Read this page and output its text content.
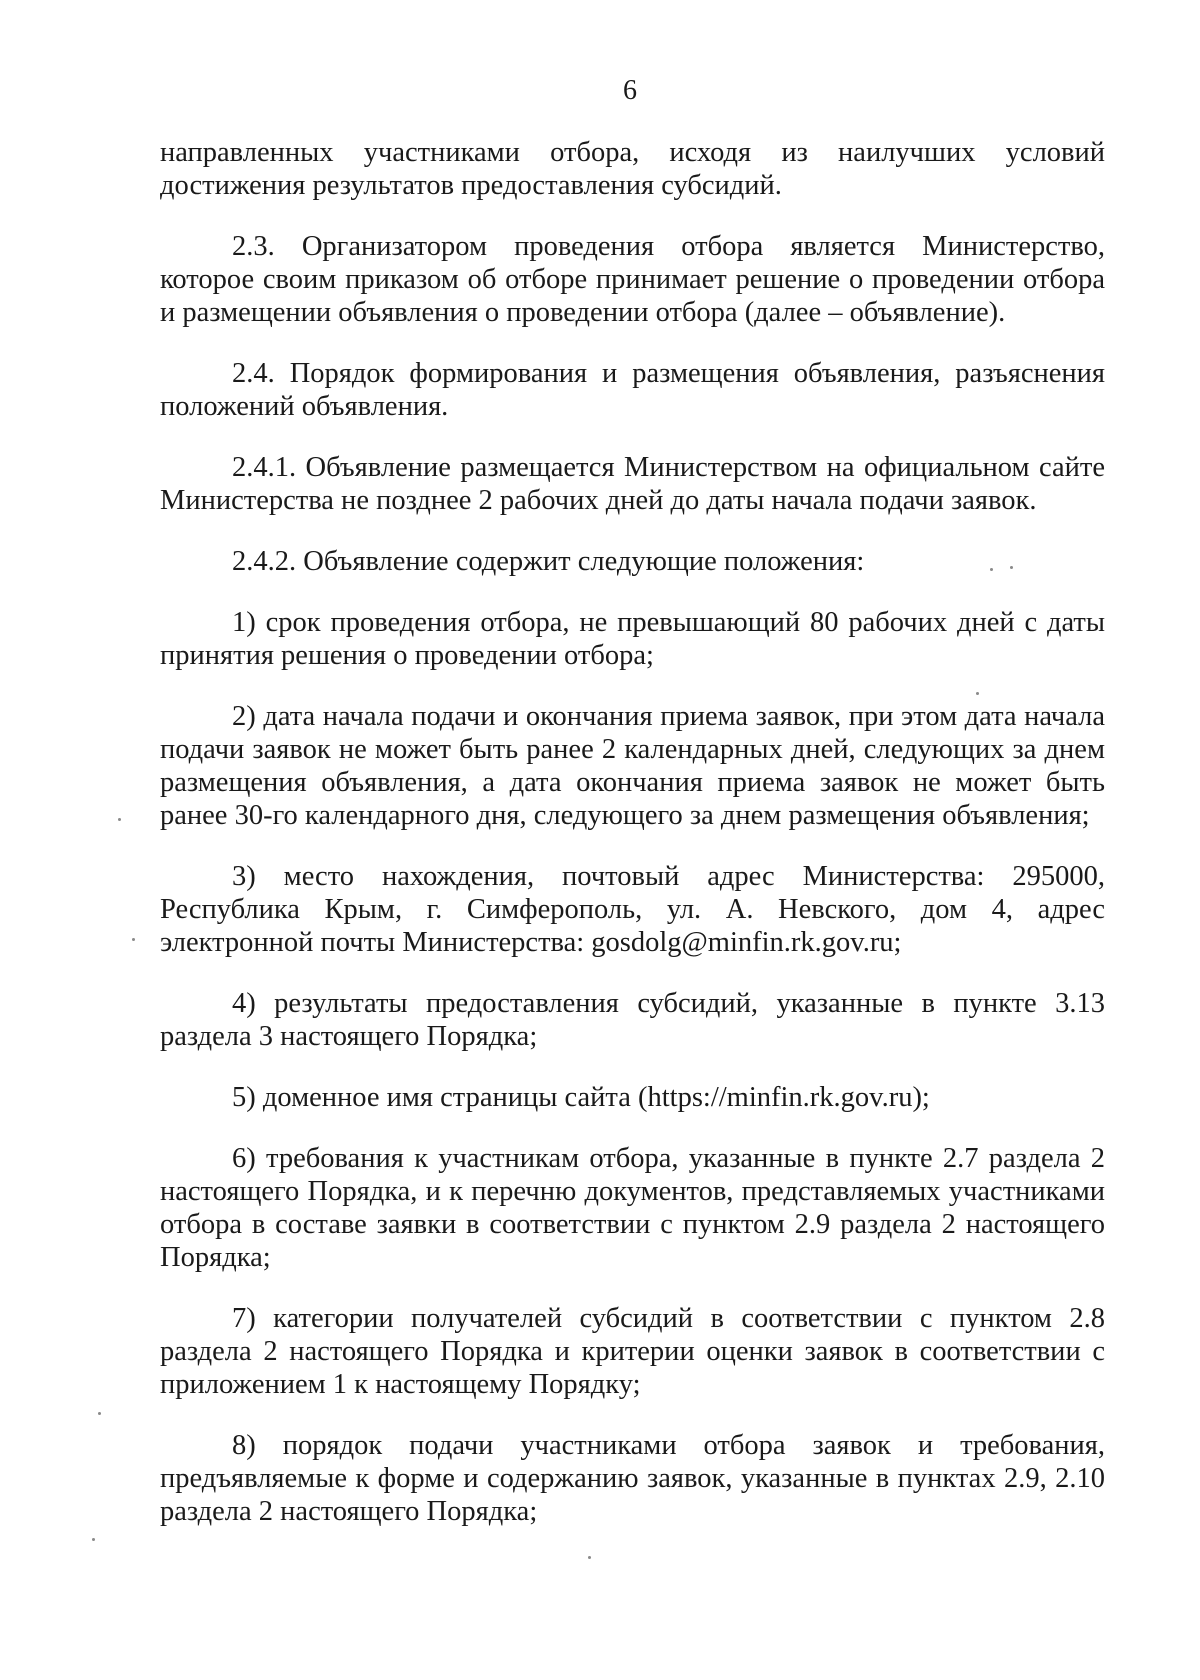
6

направленных участниками отбора, исходя из наилучших условий достижения результатов предоставления субсидий.

2.3. Организатором проведения отбора является Министерство, которое своим приказом об отборе принимает решение о проведении отбора и размещении объявления о проведении отбора (далее – объявление).

2.4. Порядок формирования и размещения объявления, разъяснения положений объявления.

2.4.1. Объявление размещается Министерством на официальном сайте Министерства не позднее 2 рабочих дней до даты начала подачи заявок.

2.4.2. Объявление содержит следующие положения:

1) срок проведения отбора, не превышающий 80 рабочих дней с даты принятия решения о проведении отбора;

2) дата начала подачи и окончания приема заявок, при этом дата начала подачи заявок не может быть ранее 2 календарных дней, следующих за днем размещения объявления, а дата окончания приема заявок не может быть ранее 30-го календарного дня, следующего за днем размещения объявления;

3) место нахождения, почтовый адрес Министерства: 295000, Республика Крым, г. Симферополь, ул. А. Невского, дом 4, адрес электронной почты Министерства: gosdolg@minfin.rk.gov.ru;

4) результаты предоставления субсидий, указанные в пункте 3.13 раздела 3 настоящего Порядка;

5) доменное имя страницы сайта (https://minfin.rk.gov.ru);

6) требования к участникам отбора, указанные в пункте 2.7 раздела 2 настоящего Порядка, и к перечню документов, представляемых участниками отбора в составе заявки в соответствии с пунктом 2.9 раздела 2 настоящего Порядка;

7) категории получателей субсидий в соответствии с пунктом 2.8 раздела 2 настоящего Порядка и критерии оценки заявок в соответствии с приложением 1 к настоящему Порядку;

8) порядок подачи участниками отбора заявок и требования, предъявляемые к форме и содержанию заявок, указанные в пунктах 2.9, 2.10 раздела 2 настоящего Порядка;
